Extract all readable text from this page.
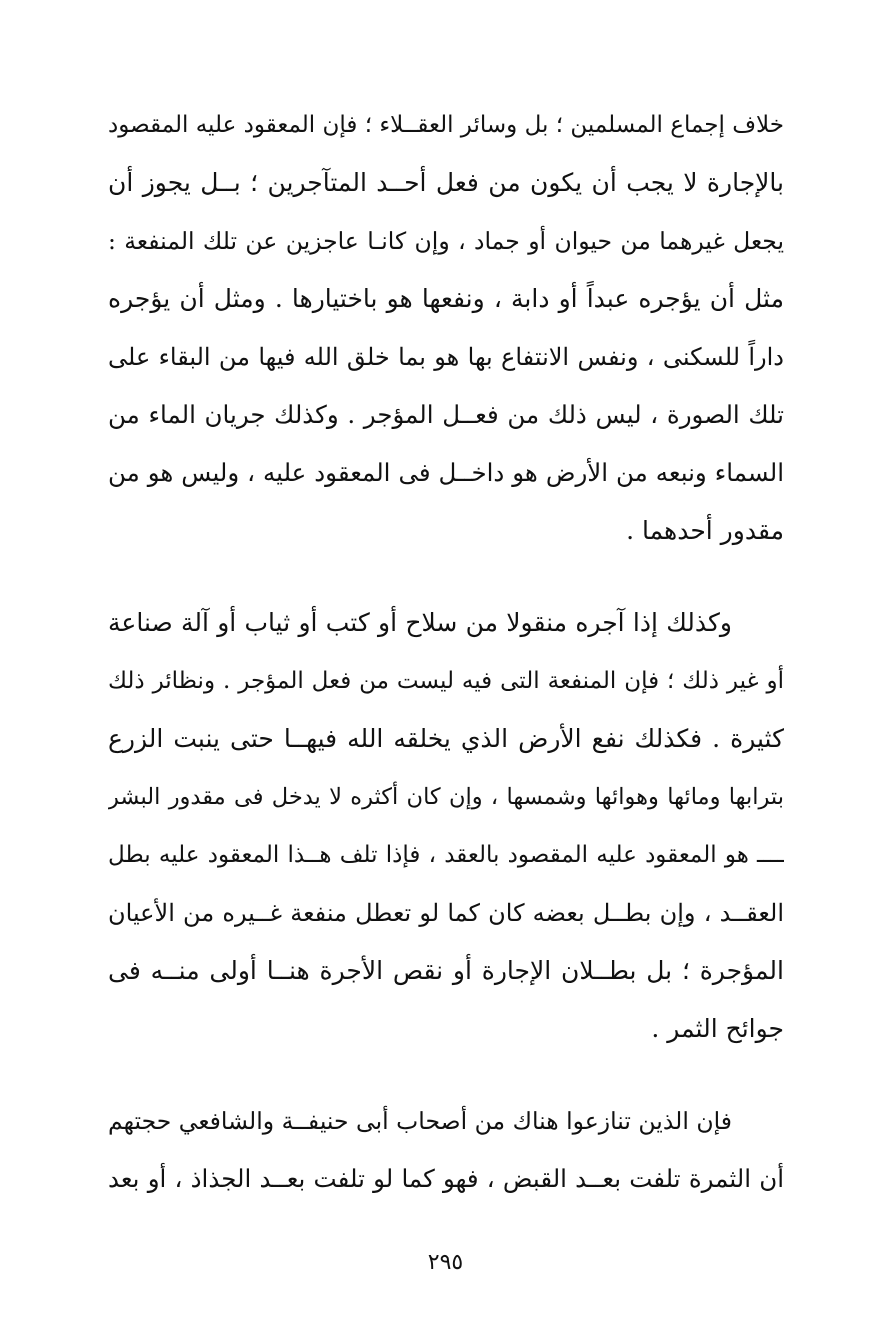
خلاف إجماع المسلمين ؛ بل وسائر العقــلاء ؛ فإن المعقود عليه المقصود
بالإجارة لا يجب أن يكون من فعل أحــد المتآجرين ؛ بــل يجوز أن
يجعل غيرهما من حيوان أو جماد ، وإن كانـا عاجزين عن تلك المنفعة :
مثل أن يؤجره عبداً أو دابة ، ونفعها هو باختيارها . ومثل أن يؤجره
داراً للسكنى ، ونفس الانتفاع بها هو بما خلق الله فيها من البقاء على
تلك الصورة ، ليس ذلك من فعــل المؤجر . وكذلك جريان الماء من
السماء ونبعه من الأرض هو داخــل فى المعقود عليه ، وليس هو من
مقدور أحدهما .
وكذلك إذا آجره منقولا من سلاح أو كتب أو ثياب أو آلة صناعة
أو غير ذلك ؛ فإن المنفعة التى فيه ليست من فعل المؤجر . ونظائر ذلك
كثيرة . فكذلك نفع الأرض الذي يخلقه الله فيهــا حتى ينبت الزرع
بترابها ومائها وهوائها وشمسها ، وإن كان أكثره لا يدخل فى مقدور البشر
ــــ هو المعقود عليه المقصود بالعقد ، فإذا تلف هــذا المعقود عليه بطل
العقــد ، وإن بطــل بعضه كان كما لو تعطل منفعة غــيره من الأعيان
المؤجرة ؛ بل بطــلان الإجارة أو نقص الأجرة هنــا أولى منــه فى
جوائح الثمر .
فإن الذين تنازعوا هناك من أصحاب أبى حنيفــة والشافعي حجتهم
أن الثمرة تلفت بعــد القبض ، فهو كما لو تلفت بعــد الجذاذ ، أو بعد
٢٩٥
